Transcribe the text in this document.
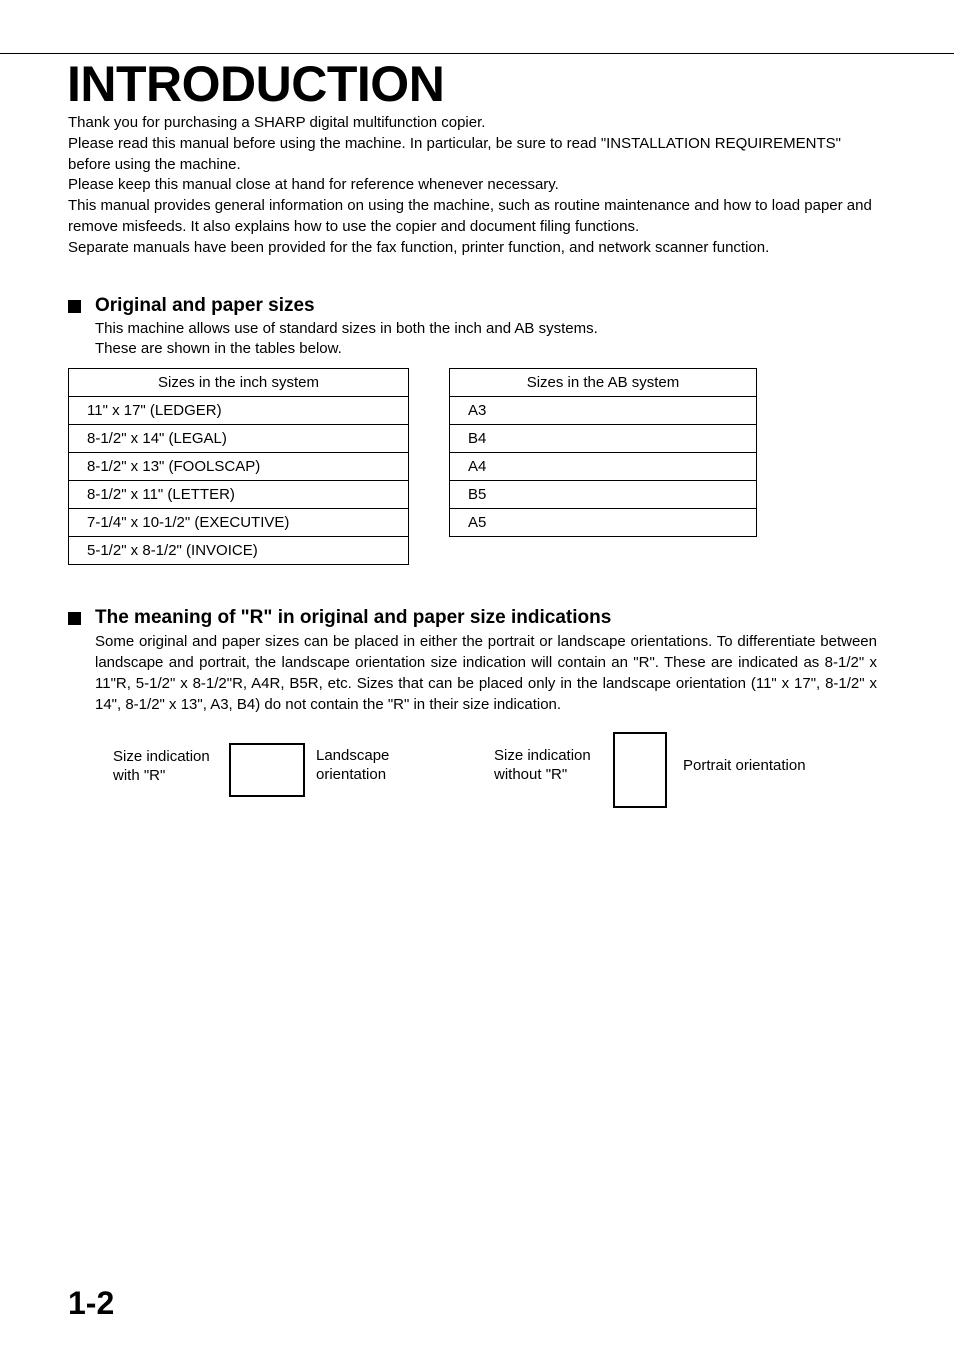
INTRODUCTION

Thank you for purchasing a SHARP digital multifunction copier.

Please read this manual before using the machine. In particular, be sure to read "INSTALLATION REQUIREMENTS" before using the machine.

Please keep this manual close at hand for reference whenever necessary.

This manual provides general information on using the machine, such as routine maintenance and how to load paper and remove misfeeds. It also explains how to use the copier and document filing functions.

Separate manuals have been provided for the fax function, printer function, and network scanner function.

Original and paper sizes

This machine allows use of standard sizes in both the inch and AB systems.

These are shown in the tables below.

Sizes in the inch system
11" x 17" (LEDGER)
8-1/2" x 14" (LEGAL)
8-1/2" x 13" (FOOLSCAP)
8-1/2" x 11" (LETTER)
7-1/4" x 10-1/2" (EXECUTIVE)
5-1/2" x 8-1/2" (INVOICE)
Sizes in the AB system
A3
B4
A4
B5
A5
The meaning of "R" in original and paper size indications

Some original and paper sizes can be placed in either the portrait or landscape orientations. To differentiate between landscape and portrait, the landscape orientation size indication will contain an "R". These are indicated as 8-1/2" x 11"R, 5-1/2" x 8-1/2"R, A4R, B5R, etc. Sizes that can be placed only in the landscape orientation (11" x 17", 8-1/2" x 14", 8-1/2" x 13", A3, B4) do not contain the "R" in their size indication.

Size indication
with "R"
Landscape
orientation
Size indication
without "R"
Portrait orientation
1-2
